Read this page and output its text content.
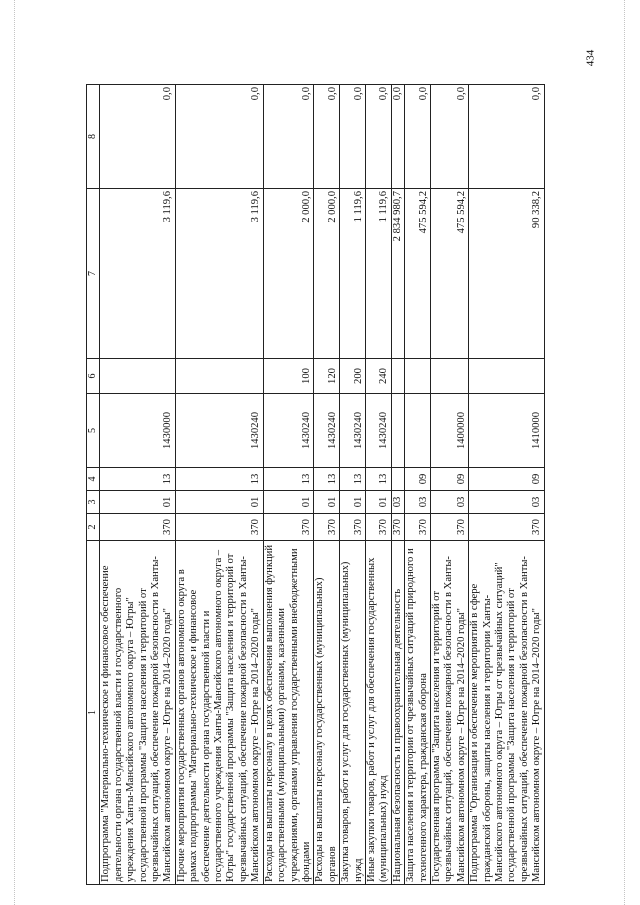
434
1	2	3	4	5	6	7	8
Подпрограмма "Материально-техническое и финансовое обеспечение деятельности органа государственной власти и государственного учреждения Ханты-Мансийского автономного округа – Югры" государственной программы "Защита населения и территорий от чрезвычайных ситуаций, обеспечение пожарной безопасности в Ханты-Мансийском автономном округе – Югре на 2014–2020 годы"	370	01	13	1430000		3 119,6	0,0
Прочие мероприятия государственных органов автономного округа в рамках подпрограммы "Материально-техническое и финансовое обеспечение деятельности органа государственной власти и государственного учреждения Ханты-Мансийского автономного округа – Югры" государственной программы "Защита населения и территорий от чрезвычайных ситуаций, обеспечение пожарной безопасности в Ханты-Мансийском автономном округе – Югре на 2014–2020 годы"	370	01	13	1430240		3 119,6	0,0
Расходы на выплаты персоналу в целях обеспечения выполнения функций государственными (муниципальными) органами, казенными учреждениями, органами управления государственными внебюджетными фондами	370	01	13	1430240	100	2 000,0	0,0
Расходы на выплаты персоналу государственных (муниципальных) органов	370	01	13	1430240	120	2 000,0	0,0
Закупка товаров, работ и услуг для государственных (муниципальных) нужд	370	01	13	1430240	200	1 119,6	0,0
Иные закупки товаров, работ и услуг для обеспечения государственных (муниципальных) нужд	370	01	13	1430240	240	1 119,6	0,0
Национальная безопасность и правоохранительная деятельность	370	03				2 834 980,7	0,0
Защита населения и территории от чрезвычайных ситуаций природного и техногенного характера, гражданская оборона	370	03	09			475 594,2	0,0
Государственная программа "Защита населения и территорий от чрезвычайных ситуаций, обеспечение пожарной безопасности в Ханты-Мансийском автономном округе – Югре на 2014–2020 годы"	370	03	09	1400000		475 594,2	0,0
Подпрограмма "Организация и обеспечение мероприятий в сфере гражданской обороны, защиты населения и территории Ханты-Мансийского автономного округа – Югры от чрезвычайных ситуаций" государственной программы "Защита населения и территорий от чрезвычайных ситуаций, обеспечение пожарной безопасности в Ханты-Мансийском автономном округе – Югре на 2014–2020 годы"	370	03	09	1410000		90 338,2	0,0
